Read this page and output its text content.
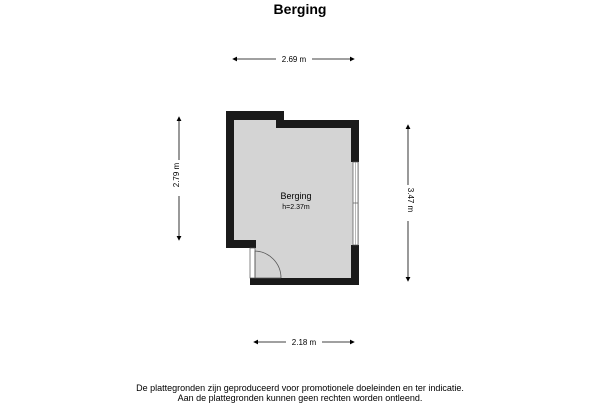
Berging
Berging
h=2.37m
2.69 m
2.79 m
3.47 m
2.18 m
De plattegronden zijn geproduceerd voor promotionele doeleinden en ter indicatie.
Aan de plattegronden kunnen geen rechten worden ontleend.
